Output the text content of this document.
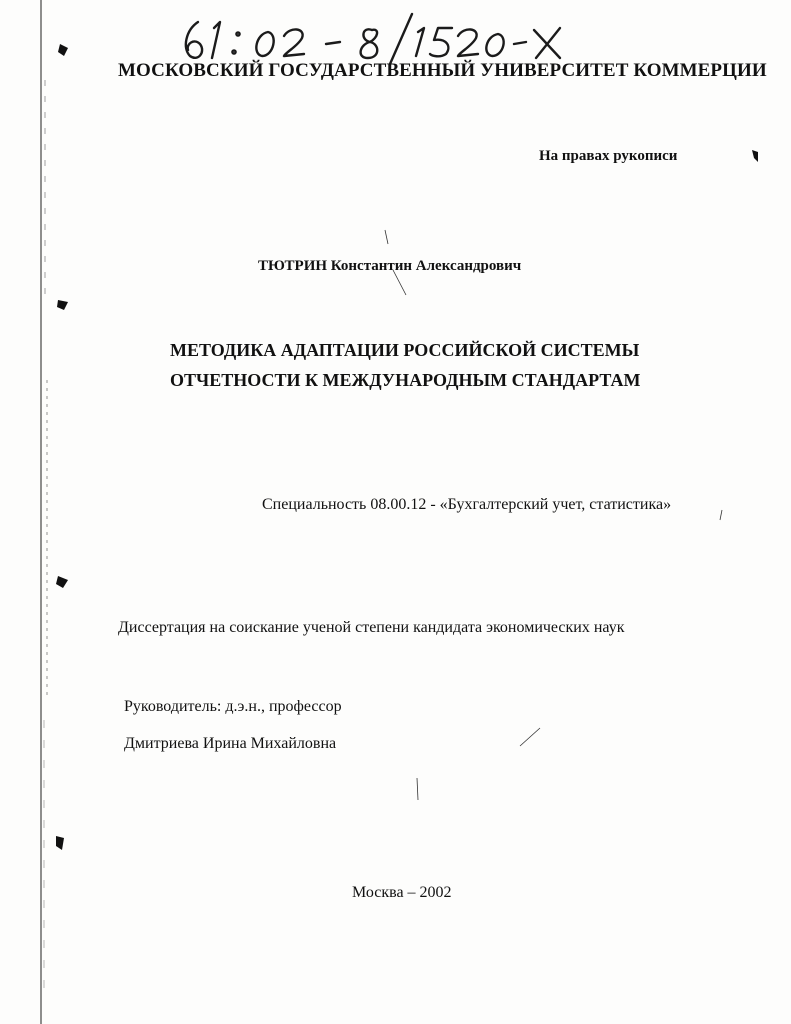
МОСКОВСКИЙ ГОСУДАРСТВЕННЫЙ УНИВЕРСИТЕТ КОММЕРЦИИ
На правах рукописи
ТЮТРИН Константин Александрович
МЕТОДИКА АДАПТАЦИИ РОССИЙСКОЙ СИСТЕМЫ
ОТЧЕТНОСТИ К МЕЖДУНАРОДНЫМ СТАНДАРТАМ
Специальность 08.00.12 - «Бухгалтерский учет, статистика»
Диссертация на соискание ученой степени кандидата экономических наук
Руководитель: д.э.н., профессор
Дмитриева Ирина Михайловна
Москва – 2002
